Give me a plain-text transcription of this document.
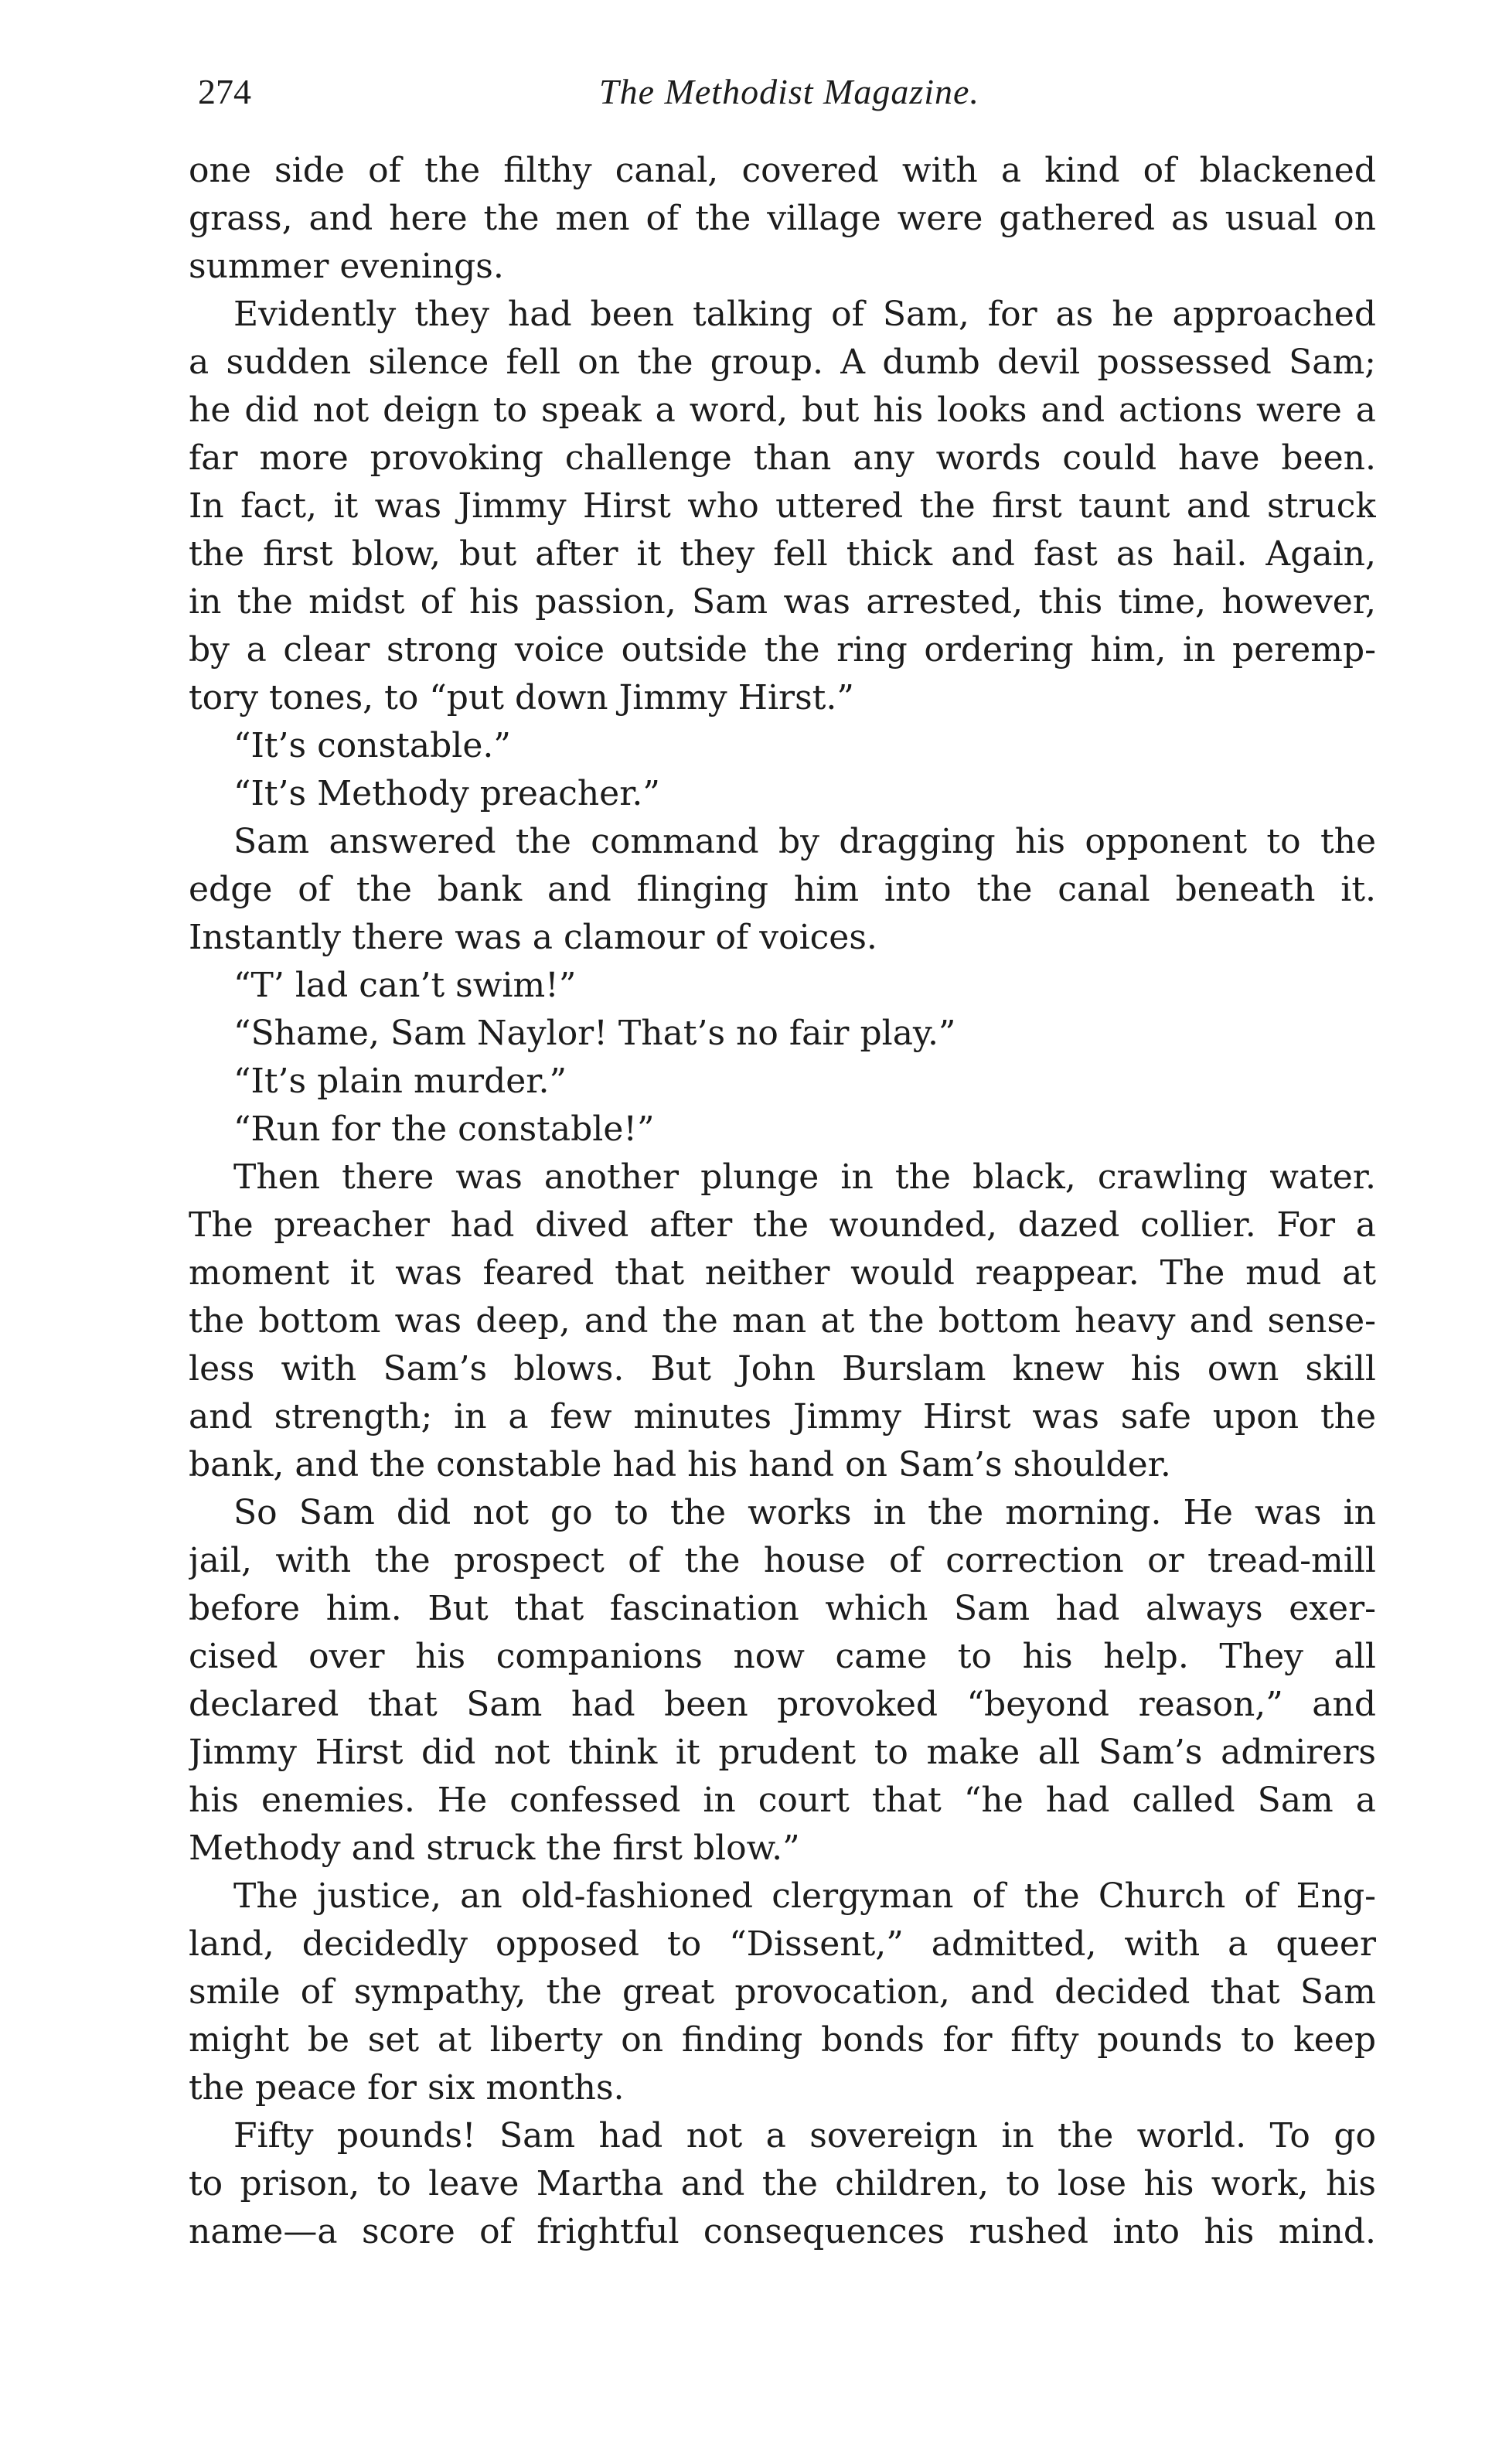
274	The Methodist Magazine.
one side of the filthy canal, covered with a kind of blackened
grass, and here the men of the village were gathered as usual on
summer evenings.
Evidently they had been talking of Sam, for as he approached
a sudden silence fell on the group. A dumb devil possessed Sam;
he did not deign to speak a word, but his looks and actions were a
far more provoking challenge than any words could have been.
In fact, it was Jimmy Hirst who uttered the first taunt and struck
the first blow, but after it they fell thick and fast as hail. Again,
in the midst of his passion, Sam was arrested, this time, however,
by a clear strong voice outside the ring ordering him, in peremp-
tory tones, to “put down Jimmy Hirst.”
“It’s constable.”
“It’s Methody preacher.”
Sam answered the command by dragging his opponent to the
edge of the bank and flinging him into the canal beneath it.
Instantly there was a clamour of voices.
“T’ lad can’t swim!”
“Shame, Sam Naylor! That’s no fair play.”
“It’s plain murder.”
“Run for the constable!”
Then there was another plunge in the black, crawling water.
The preacher had dived after the wounded, dazed collier. For a
moment it was feared that neither would reappear. The mud at
the bottom was deep, and the man at the bottom heavy and sense-
less with Sam’s blows. But John Burslam knew his own skill
and strength; in a few minutes Jimmy Hirst was safe upon the
bank, and the constable had his hand on Sam’s shoulder.
So Sam did not go to the works in the morning. He was in
jail, with the prospect of the house of correction or tread-mill
before him. But that fascination which Sam had always exer-
cised over his companions now came to his help. They all
declared that Sam had been provoked “beyond reason,” and
Jimmy Hirst did not think it prudent to make all Sam’s admirers
his enemies. He confessed in court that “he had called Sam a
Methody and struck the first blow.”
The justice, an old-fashioned clergyman of the Church of Eng-
land, decidedly opposed to “Dissent,” admitted, with a queer
smile of sympathy, the great provocation, and decided that Sam
might be set at liberty on finding bonds for fifty pounds to keep
the peace for six months.
Fifty pounds! Sam had not a sovereign in the world. To go
to prison, to leave Martha and the children, to lose his work, his
name—a score of frightful consequences rushed into his mind.
